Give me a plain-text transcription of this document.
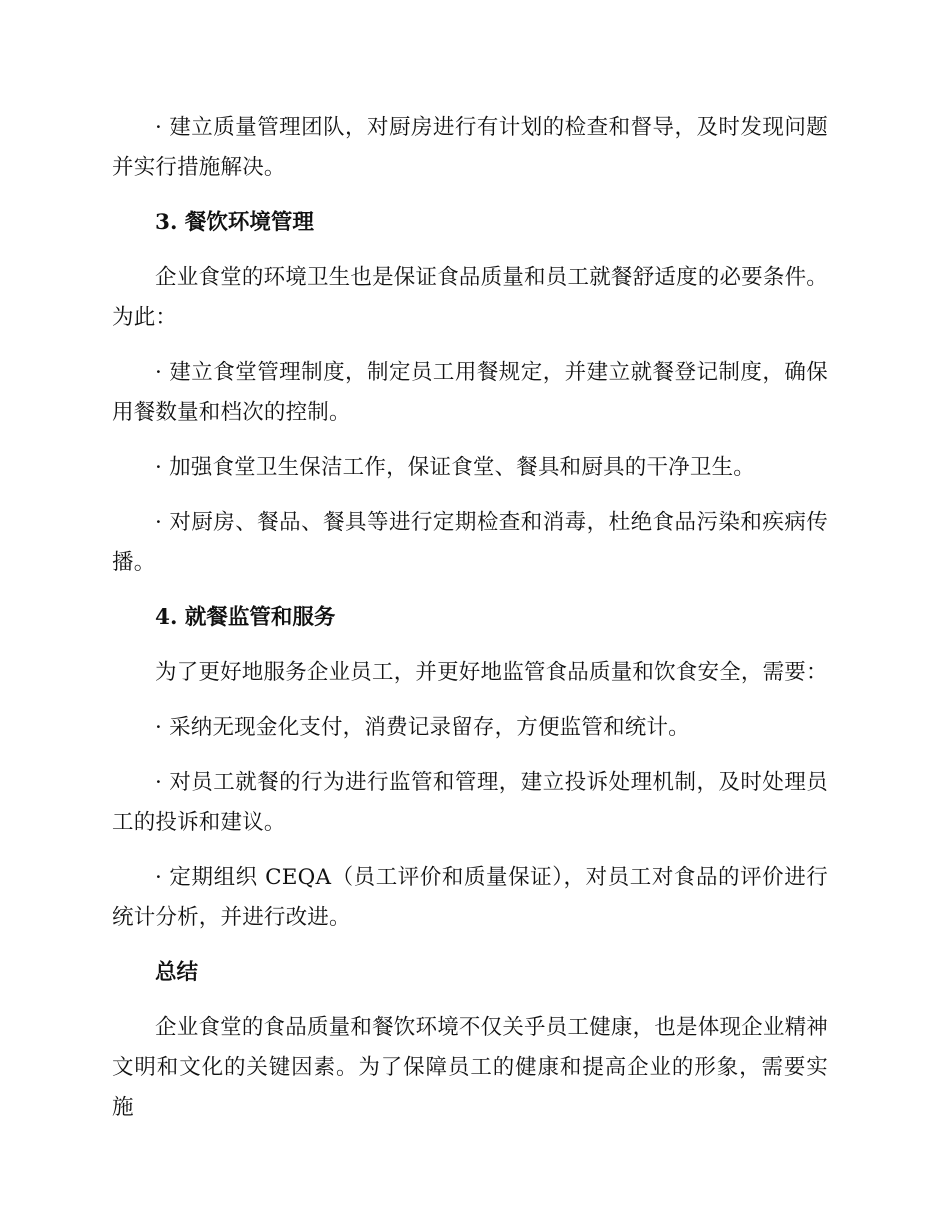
· 建立质量管理团队，对厨房进行有计划的检查和督导，及时发现问题并实行措施解决。

3. 餐饮环境管理

企业食堂的环境卫生也是保证食品质量和员工就餐舒适度的必要条件。为此：

· 建立食堂管理制度，制定员工用餐规定，并建立就餐登记制度，确保用餐数量和档次的控制。

· 加强食堂卫生保洁工作，保证食堂、餐具和厨具的干净卫生。

· 对厨房、餐品、餐具等进行定期检查和消毒，杜绝食品污染和疾病传播。

4. 就餐监管和服务

为了更好地服务企业员工，并更好地监管食品质量和饮食安全，需要：

· 采纳无现金化支付，消费记录留存，方便监管和统计。

· 对员工就餐的行为进行监管和管理，建立投诉处理机制，及时处理员工的投诉和建议。

· 定期组织 CEQA（员工评价和质量保证），对员工对食品的评价进行统计分析，并进行改进。

总结

企业食堂的食品质量和餐饮环境不仅关乎员工健康，也是体现企业精神文明和文化的关键因素。为了保障员工的健康和提高企业的形象，需要实施
